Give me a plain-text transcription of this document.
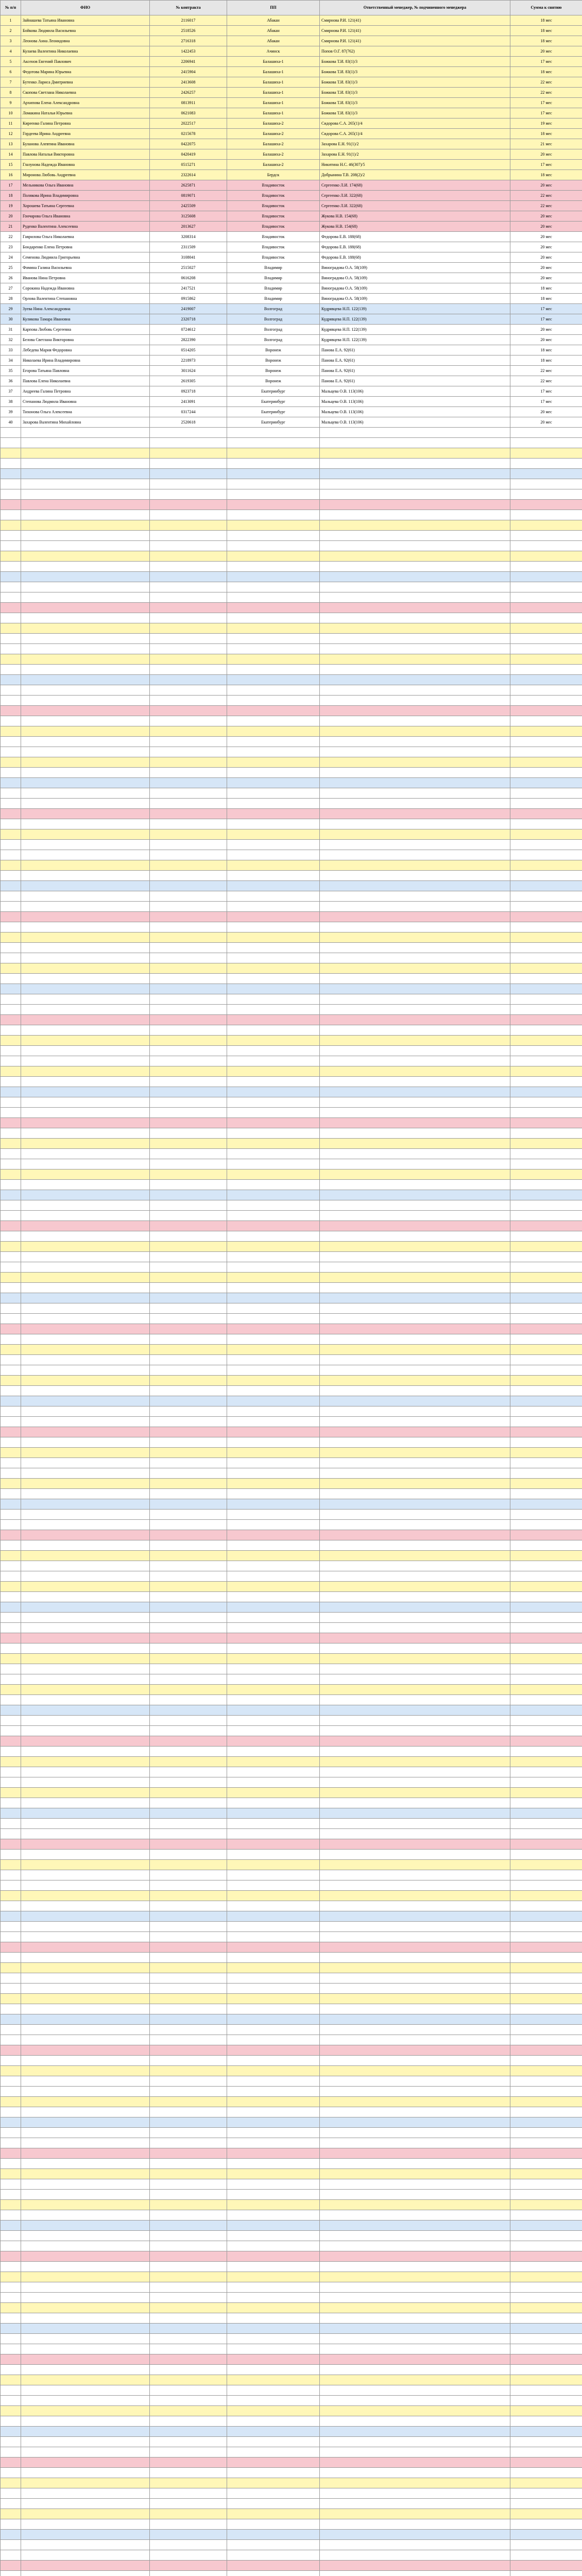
№ п/п	ФИО	№ контракта	ПП	Ответственный менеджер, № подчиненного менеджера	Сумма к снятию
1	Зайнашева Татьяна Ивановна	2116017	Абакан	Смирнова Р.И. 121(41)	18 мес
2	Бойкова Людмила Васильевна	2518526	Абакан	Смирнова Р.И. 121(41)	18 мес
3	Леонова Анна Леонидовна	2716318	Абакан	Смирнова Р.И. 121(41)	18 мес
4	Кулаева Валентина Николаевна	1422453	Ачинск	Попов О.Г. 87(762)	20 мес
5	Аксенов Евгений Павлович	2206941	Балашиха-1	Божкова Т.И. 83(1)/3	17 мес
6	Федотова Марина Юрьевна	2415904	Балашиха-1	Божкова Т.И. 83(1)/3	18 мес
7	Бутенко Лариса Дмитриевна	2413608	Балашиха-1	Божкова Т.И. 83(1)/3	22 мес
8	Скопова Светлана Николаевна	2426257	Балашиха-1	Божкова Т.И. 83(1)/3	22 мес
9	Архипова Елена Александровна	0813911	Балашиха-1	Божкова Т.И. 83(1)/3	17 мес
10	Ломакина Наталья Юрьевна	0621083	Балашиха-1	Божкова Т.И. 83(1)/3	17 мес
11	Киреенко Галина Петровна	2022517	Балашиха-2	Сидорова С.А. 265(1)/4	19 мес
12	Гордеева Ирина Андреевна	0215678	Балашиха-2	Сидорова С.А. 265(1)/4	18 мес
13	Буланова Алевтина Ивановна	0422075	Балашиха-2	Захарова Е.Н. 91(1)/2	21 мес
14	Павлова Наталья Викторовна	0420419	Балашиха-2	Захарова Е.Н. 91(1)/2	20 мес
15	Глазунова Надежда Ивановна	0515271	Балашиха-2	Никитина Н.С. 46(307)/5	17 мес
16	Миронова Любовь Андреевна	2322614	Бердск	Добрынина Т.В. 208(2)/2	18 мес
17	Мельникова Ольга Ивановна	2625871	Владивосток	Сергеенко Л.И. 174(68)	20 мес
18	Полякова Ирина Владимировна	0819071	Владивосток	Сергеенко Л.И. 322(68)	22 мес
19	Хорошева Татьяна Сергеевна	2425509	Владивосток	Сергеенко Л.И. 322(68)	22 мес
20	Гончарова Ольга Ивановна	3125608	Владивосток	Жукова Н.В. 154(68)	20 мес
21	Руденко Валентина Алексеевна	2013627	Владивосток	Жукова Н.В. 154(68)	20 мес
22	Гаврилова Ольга Николаевна	3208314	Владивосток	Федорова Е.В. 188(68)	20 мес
23	Бондаренко Елена Петровна	2311509	Владивосток	Федорова Е.В. 188(68)	20 мес
24	Семенова Людмила Григорьевна	3108041	Владивосток	Федорова Е.В. 188(68)	20 мес
25	Фомина Галина Васильевна	2515027	Владимир	Виноградова О.А. 58(109)	20 мес
26	Иванова Нина Петровна	0616208	Владимир	Виноградова О.А. 58(109)	20 мес
27	Сорокина Надежда Ивановна	2417521	Владимир	Виноградова О.А. 58(109)	18 мес
28	Орлова Валентина Степановна	0915862	Владимир	Виноградова О.А. 58(109)	18 мес
29	Зуева Нина Александровна	2419007	Волгоград	Кудрявцева Н.П. 122(139)	17 мес
30	Куликова Тамара Ивановна	2320718	Волгоград	Кудрявцева Н.П. 122(139)	17 мес
31	Карпова Любовь Сергеевна	0724612	Волгоград	Кудрявцева Н.П. 122(139)	20 мес
32	Белова Светлана Викторовна	2822390	Волгоград	Кудрявцева Н.П. 122(139)	20 мес
33	Лебедева Мария Федоровна	0514205	Воронеж	Панова Е.А. 92(61)	18 мес
34	Николаева Ирина Владимировна	2218973	Воронеж	Панова Е.А. 92(61)	18 мес
35	Егорова Татьяна Павловна	3011624	Воронеж	Панова Е.А. 92(61)	22 мес
36	Павлова Елена Николаевна	2619305	Воронеж	Панова Е.А. 92(61)	22 мес
37	Андреева Галина Петровна	0923718	Екатеринбург	Мальцева О.В. 113(106)	17 мес
38	Степанова Людмила Ивановна	2413091	Екатеринбург	Мальцева О.В. 113(106)	17 мес
39	Тихонова Ольга Алексеевна	0317244	Екатеринбург	Мальцева О.В. 113(106)	20 мес
40	Захарова Валентина Михайловна	2520618	Екатеринбург	Мальцева О.В. 113(106)	20 мес
